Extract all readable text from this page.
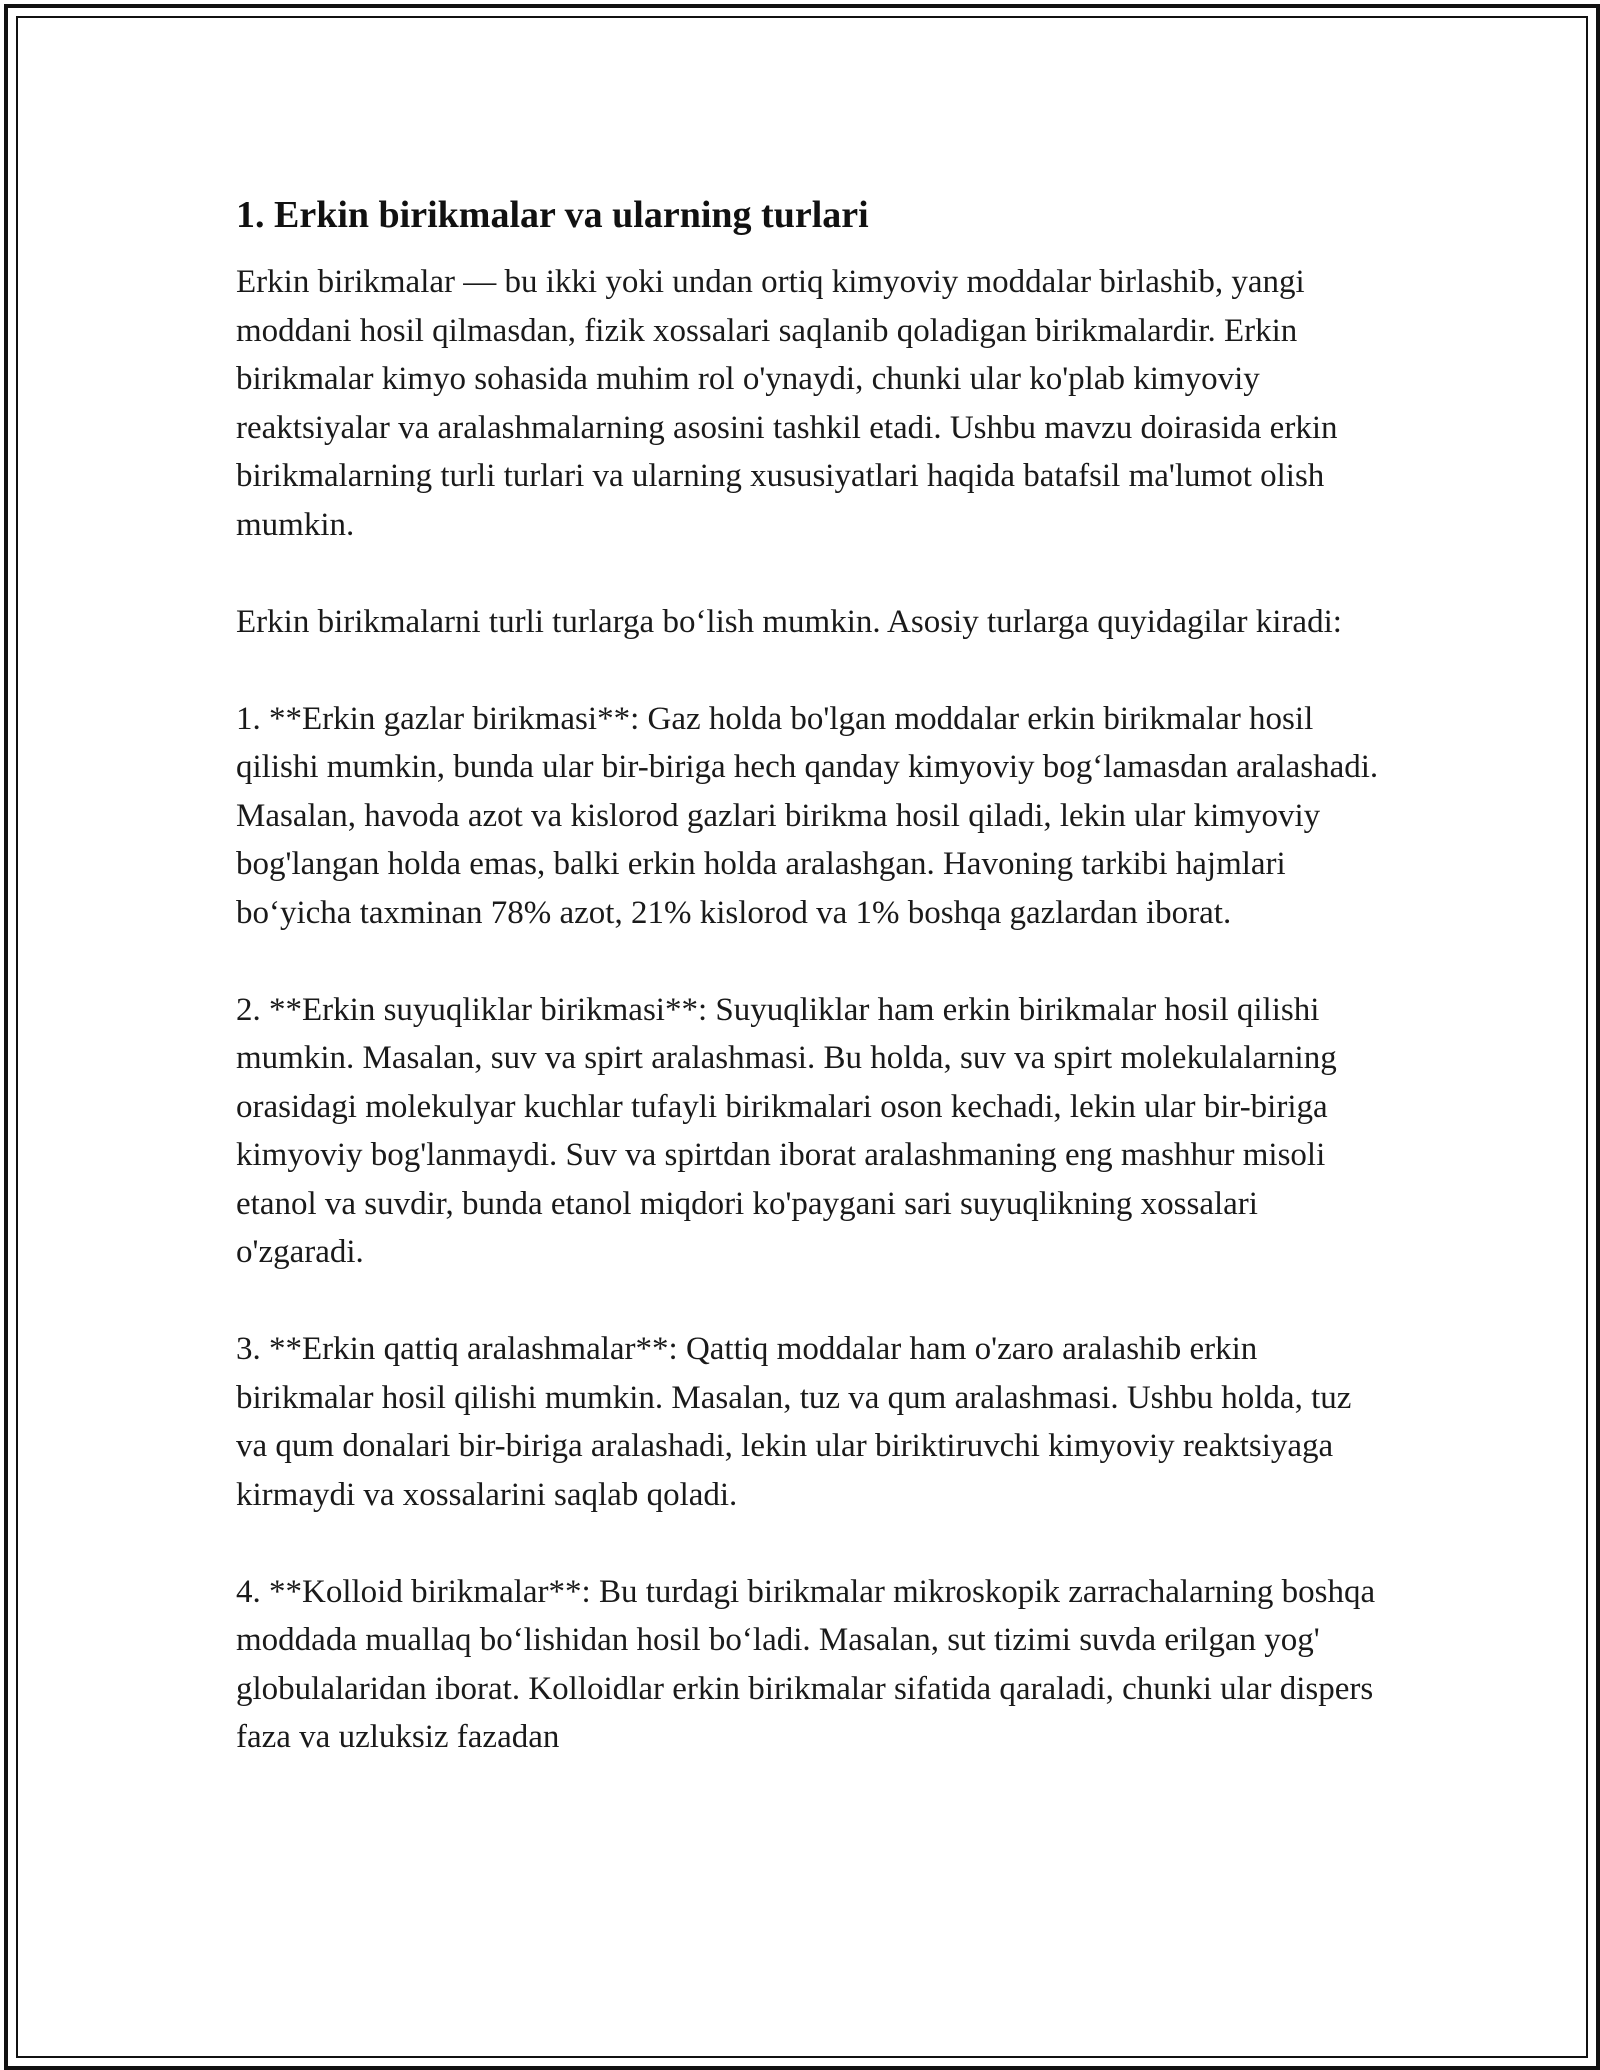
1. Erkin birikmalar va ularning turlari

Erkin birikmalar — bu ikki yoki undan ortiq kimyoviy moddalar birlashib, yangi moddani hosil qilmasdan, fizik xossalari saqlanib qoladigan birikmalardir. Erkin birikmalar kimyo sohasida muhim rol o'ynaydi, chunki ular ko'plab kimyoviy reaktsiyalar va aralashmalarning asosini tashkil etadi. Ushbu mavzu doirasida erkin birikmalarning turli turlari va ularning xususiyatlari haqida batafsil ma'lumot olish mumkin.

Erkin birikmalarni turli turlarga boʻlish mumkin. Asosiy turlarga quyidagilar kiradi:

1. **Erkin gazlar birikmasi**: Gaz holda bo'lgan moddalar erkin birikmalar hosil qilishi mumkin, bunda ular bir-biriga hech qanday kimyoviy bogʻlamasdan aralashadi. Masalan, havoda azot va kislorod gazlari birikma hosil qiladi, lekin ular kimyoviy bog'langan holda emas, balki erkin holda aralashgan. Havoning tarkibi hajmlari boʻyicha taxminan 78% azot, 21% kislorod va 1% boshqa gazlardan iborat.

2. **Erkin suyuqliklar birikmasi**: Suyuqliklar ham erkin birikmalar hosil qilishi mumkin. Masalan, suv va spirt aralashmasi. Bu holda, suv va spirt molekulalarning orasidagi molekulyar kuchlar tufayli birikmalari oson kechadi, lekin ular bir-biriga kimyoviy bog'lanmaydi. Suv va spirtdan iborat aralashmaning eng mashhur misoli etanol va suvdir, bunda etanol miqdori ko'paygani sari suyuqlikning xossalari o'zgaradi.

3. **Erkin qattiq aralashmalar**: Qattiq moddalar ham o'zaro aralashib erkin birikmalar hosil qilishi mumkin. Masalan, tuz va qum aralashmasi. Ushbu holda, tuz va qum donalari bir-biriga aralashadi, lekin ular biriktiruvchi kimyoviy reaktsiyaga kirmaydi va xossalarini saqlab qoladi.

4. **Kolloid birikmalar**: Bu turdagi birikmalar mikroskopik zarrachalarning boshqa moddada muallaq boʻlishidan hosil boʻladi. Masalan, sut tizimi suvda erilgan yog' globulalaridan iborat. Kolloidlar erkin birikmalar sifatida qaraladi, chunki ular dispers faza va uzluksiz fazadan
